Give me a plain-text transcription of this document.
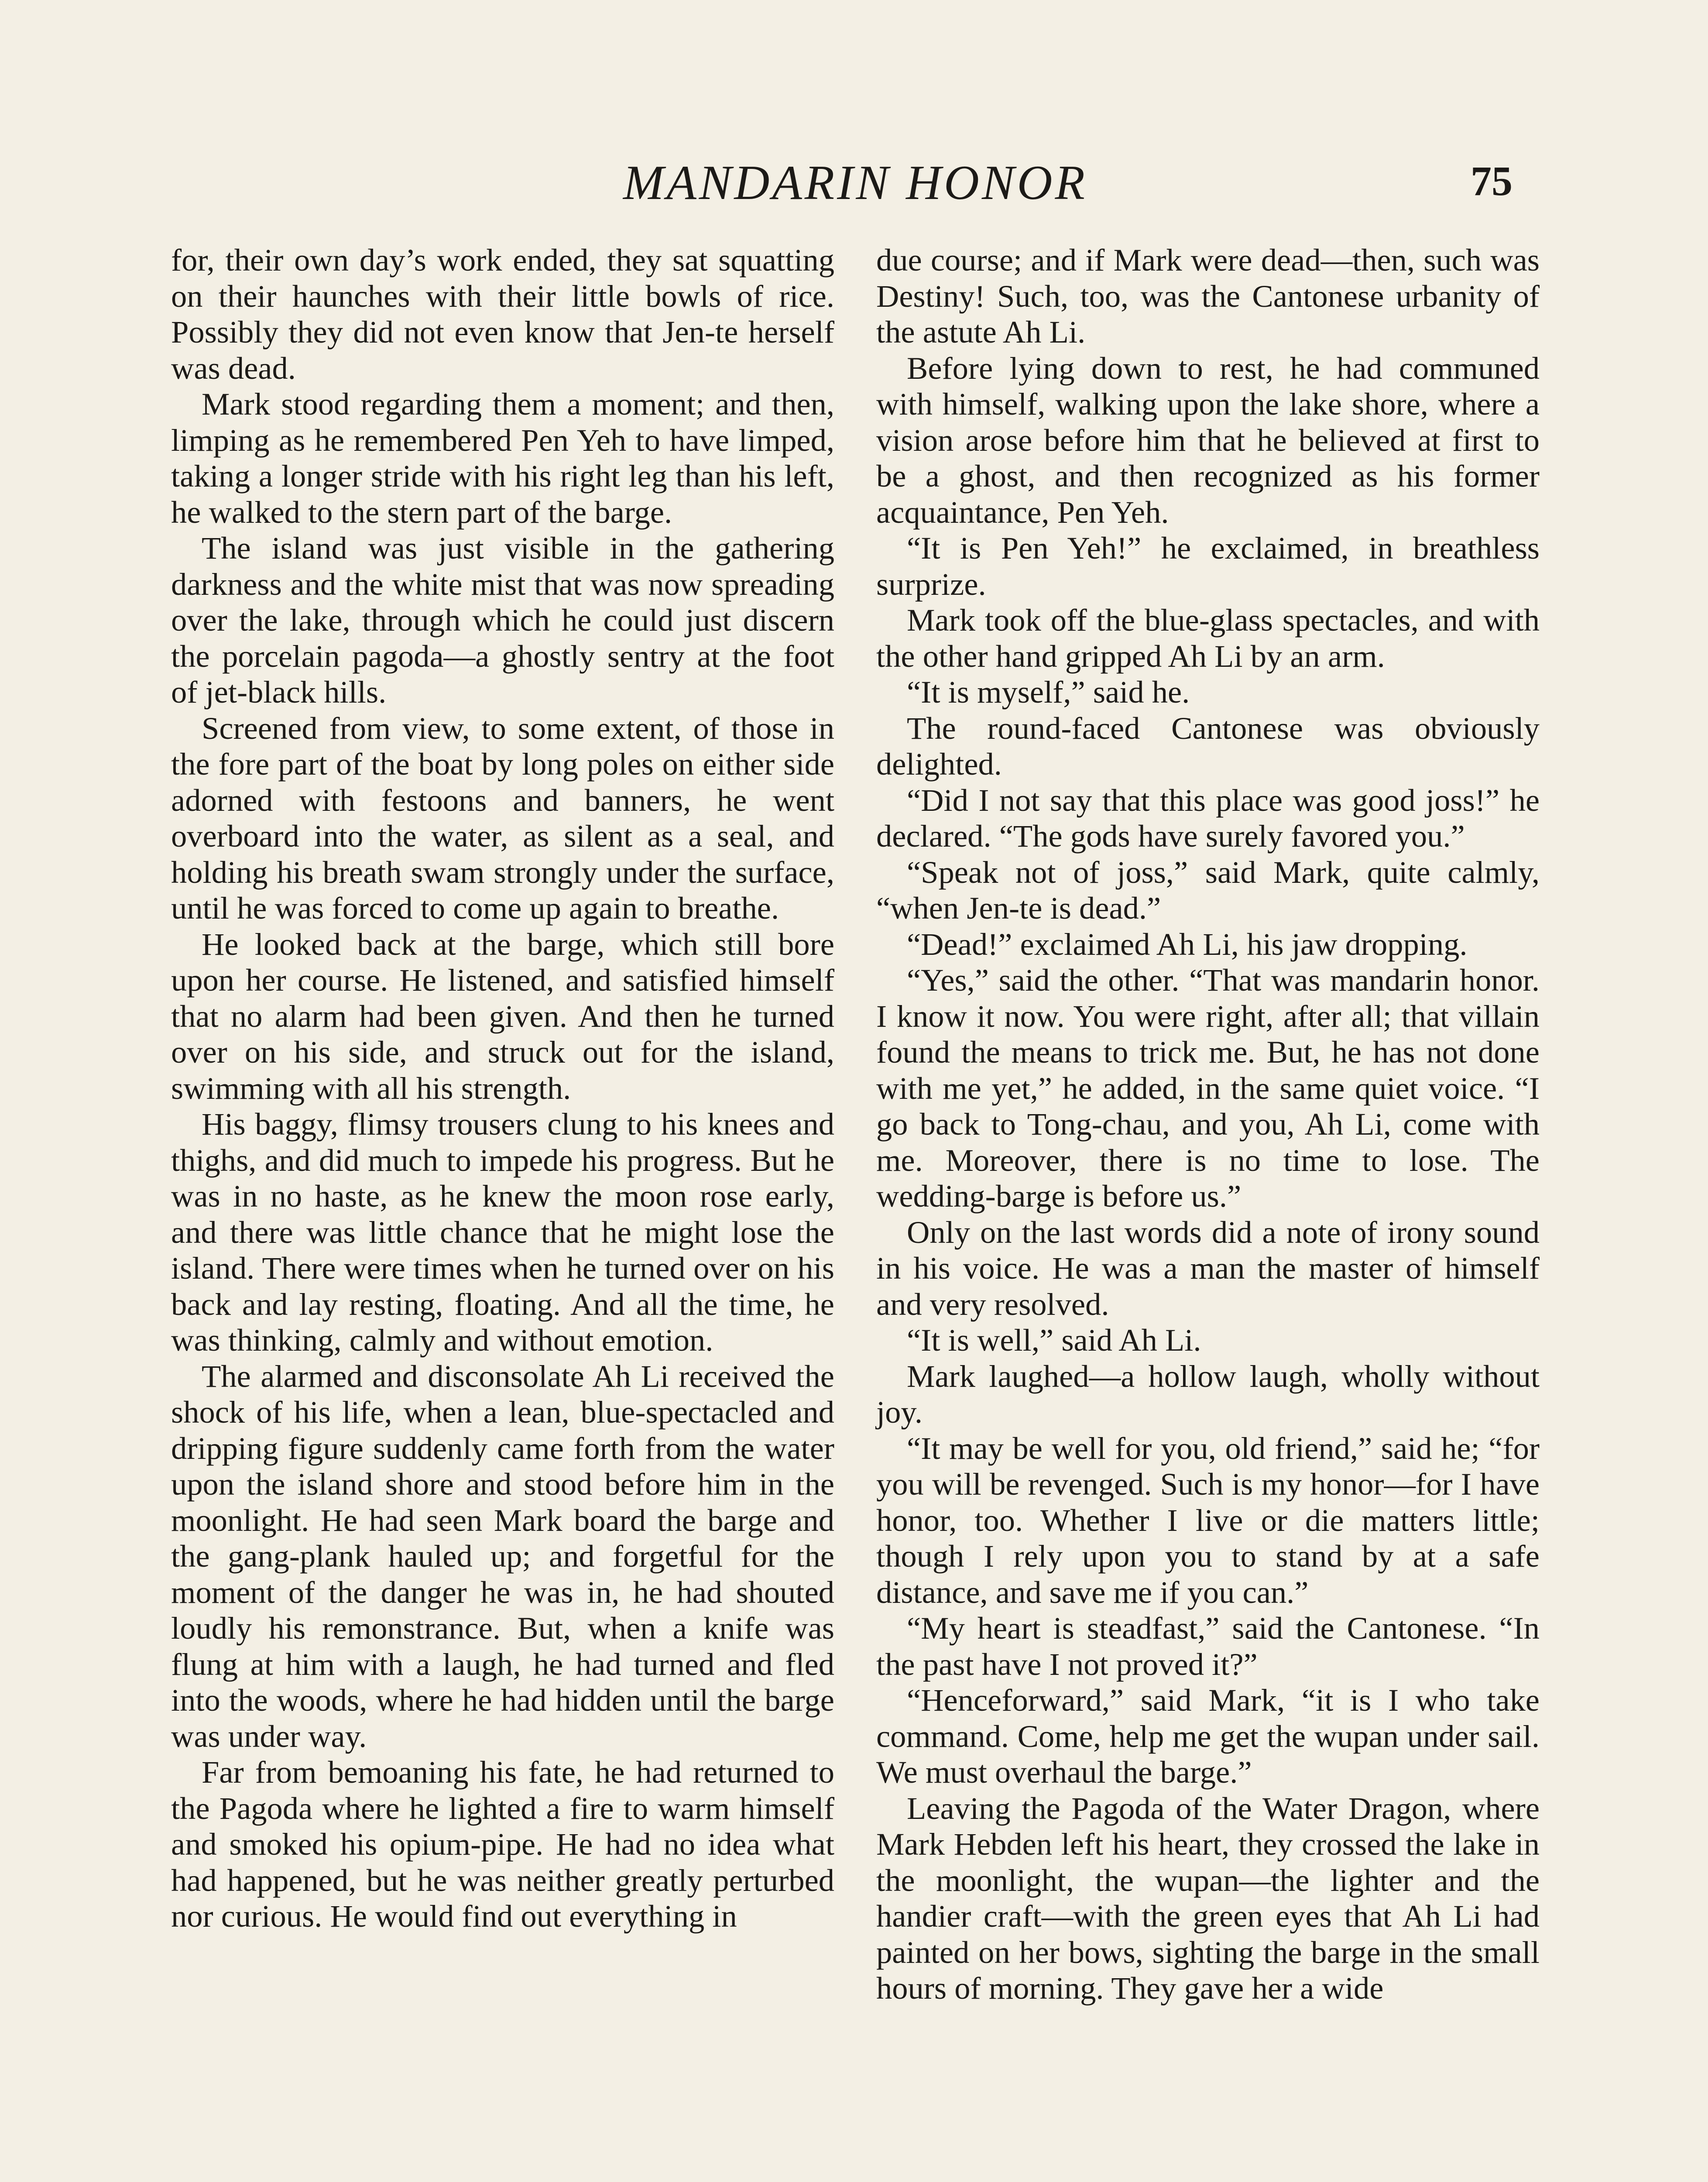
MANDARIN HONOR	75

for, their own day’s work ended, they sat squatting on their haunches with their little bowls of rice. Possibly they did not even know that Jen-te herself was dead.

Mark stood regarding them a moment; and then, limping as he remembered Pen Yeh to have limped, taking a longer stride with his right leg than his left, he walked to the stern part of the barge.

The island was just visible in the gathering darkness and the white mist that was now spreading over the lake, through which he could just discern the porcelain pagoda—a ghostly sentry at the foot of jet-black hills.

Screened from view, to some extent, of those in the fore part of the boat by long poles on either side adorned with festoons and banners, he went overboard into the water, as silent as a seal, and holding his breath swam strongly under the surface, until he was forced to come up again to breathe.

He looked back at the barge, which still bore upon her course. He listened, and satisfied himself that no alarm had been given. And then he turned over on his side, and struck out for the island, swimming with all his strength.

His baggy, flimsy trousers clung to his knees and thighs, and did much to impede his progress. But he was in no haste, as he knew the moon rose early, and there was little chance that he might lose the island. There were times when he turned over on his back and lay resting, floating. And all the time, he was thinking, calmly and without emotion.

The alarmed and disconsolate Ah Li received the shock of his life, when a lean, blue-spectacled and dripping figure suddenly came forth from the water upon the island shore and stood before him in the moonlight. He had seen Mark board the barge and the gang-plank hauled up; and forgetful for the moment of the danger he was in, he had shouted loudly his remonstrance. But, when a knife was flung at him with a laugh, he had turned and fled into the woods, where he had hidden until the barge was under way.

Far from bemoaning his fate, he had returned to the Pagoda where he lighted a fire to warm himself and smoked his opium-pipe. He had no idea what had happened, but he was neither greatly perturbed nor curious. He would find out everything in

due course; and if Mark were dead—then, such was Destiny! Such, too, was the Cantonese urbanity of the astute Ah Li.

Before lying down to rest, he had communed with himself, walking upon the lake shore, where a vision arose before him that he believed at first to be a ghost, and then recognized as his former acquaintance, Pen Yeh.

“It is Pen Yeh!” he exclaimed, in breathless surprize.

Mark took off the blue-glass spectacles, and with the other hand gripped Ah Li by an arm.

“It is myself,” said he.

The round-faced Cantonese was obviously delighted.

“Did I not say that this place was good joss!” he declared. “The gods have surely favored you.”

“Speak not of joss,” said Mark, quite calmly, “when Jen-te is dead.”

“Dead!” exclaimed Ah Li, his jaw dropping.

“Yes,” said the other. “That was mandarin honor. I know it now. You were right, after all; that villain found the means to trick me. But, he has not done with me yet,” he added, in the same quiet voice. “I go back to Tong-chau, and you, Ah Li, come with me. Moreover, there is no time to lose. The wedding-barge is before us.”

Only on the last words did a note of irony sound in his voice. He was a man the master of himself and very resolved.

“It is well,” said Ah Li.

Mark laughed—a hollow laugh, wholly without joy.

“It may be well for you, old friend,” said he; “for you will be revenged. Such is my honor—for I have honor, too. Whether I live or die matters little; though I rely upon you to stand by at a safe distance, and save me if you can.”

“My heart is steadfast,” said the Cantonese. “In the past have I not proved it?”

“Henceforward,” said Mark, “it is I who take command. Come, help me get the wupan under sail. We must overhaul the barge.”

Leaving the Pagoda of the Water Dragon, where Mark Hebden left his heart, they crossed the lake in the moonlight, the wupan—the lighter and the handier craft—with the green eyes that Ah Li had painted on her bows, sighting the barge in the small hours of morning. They gave her a wide
